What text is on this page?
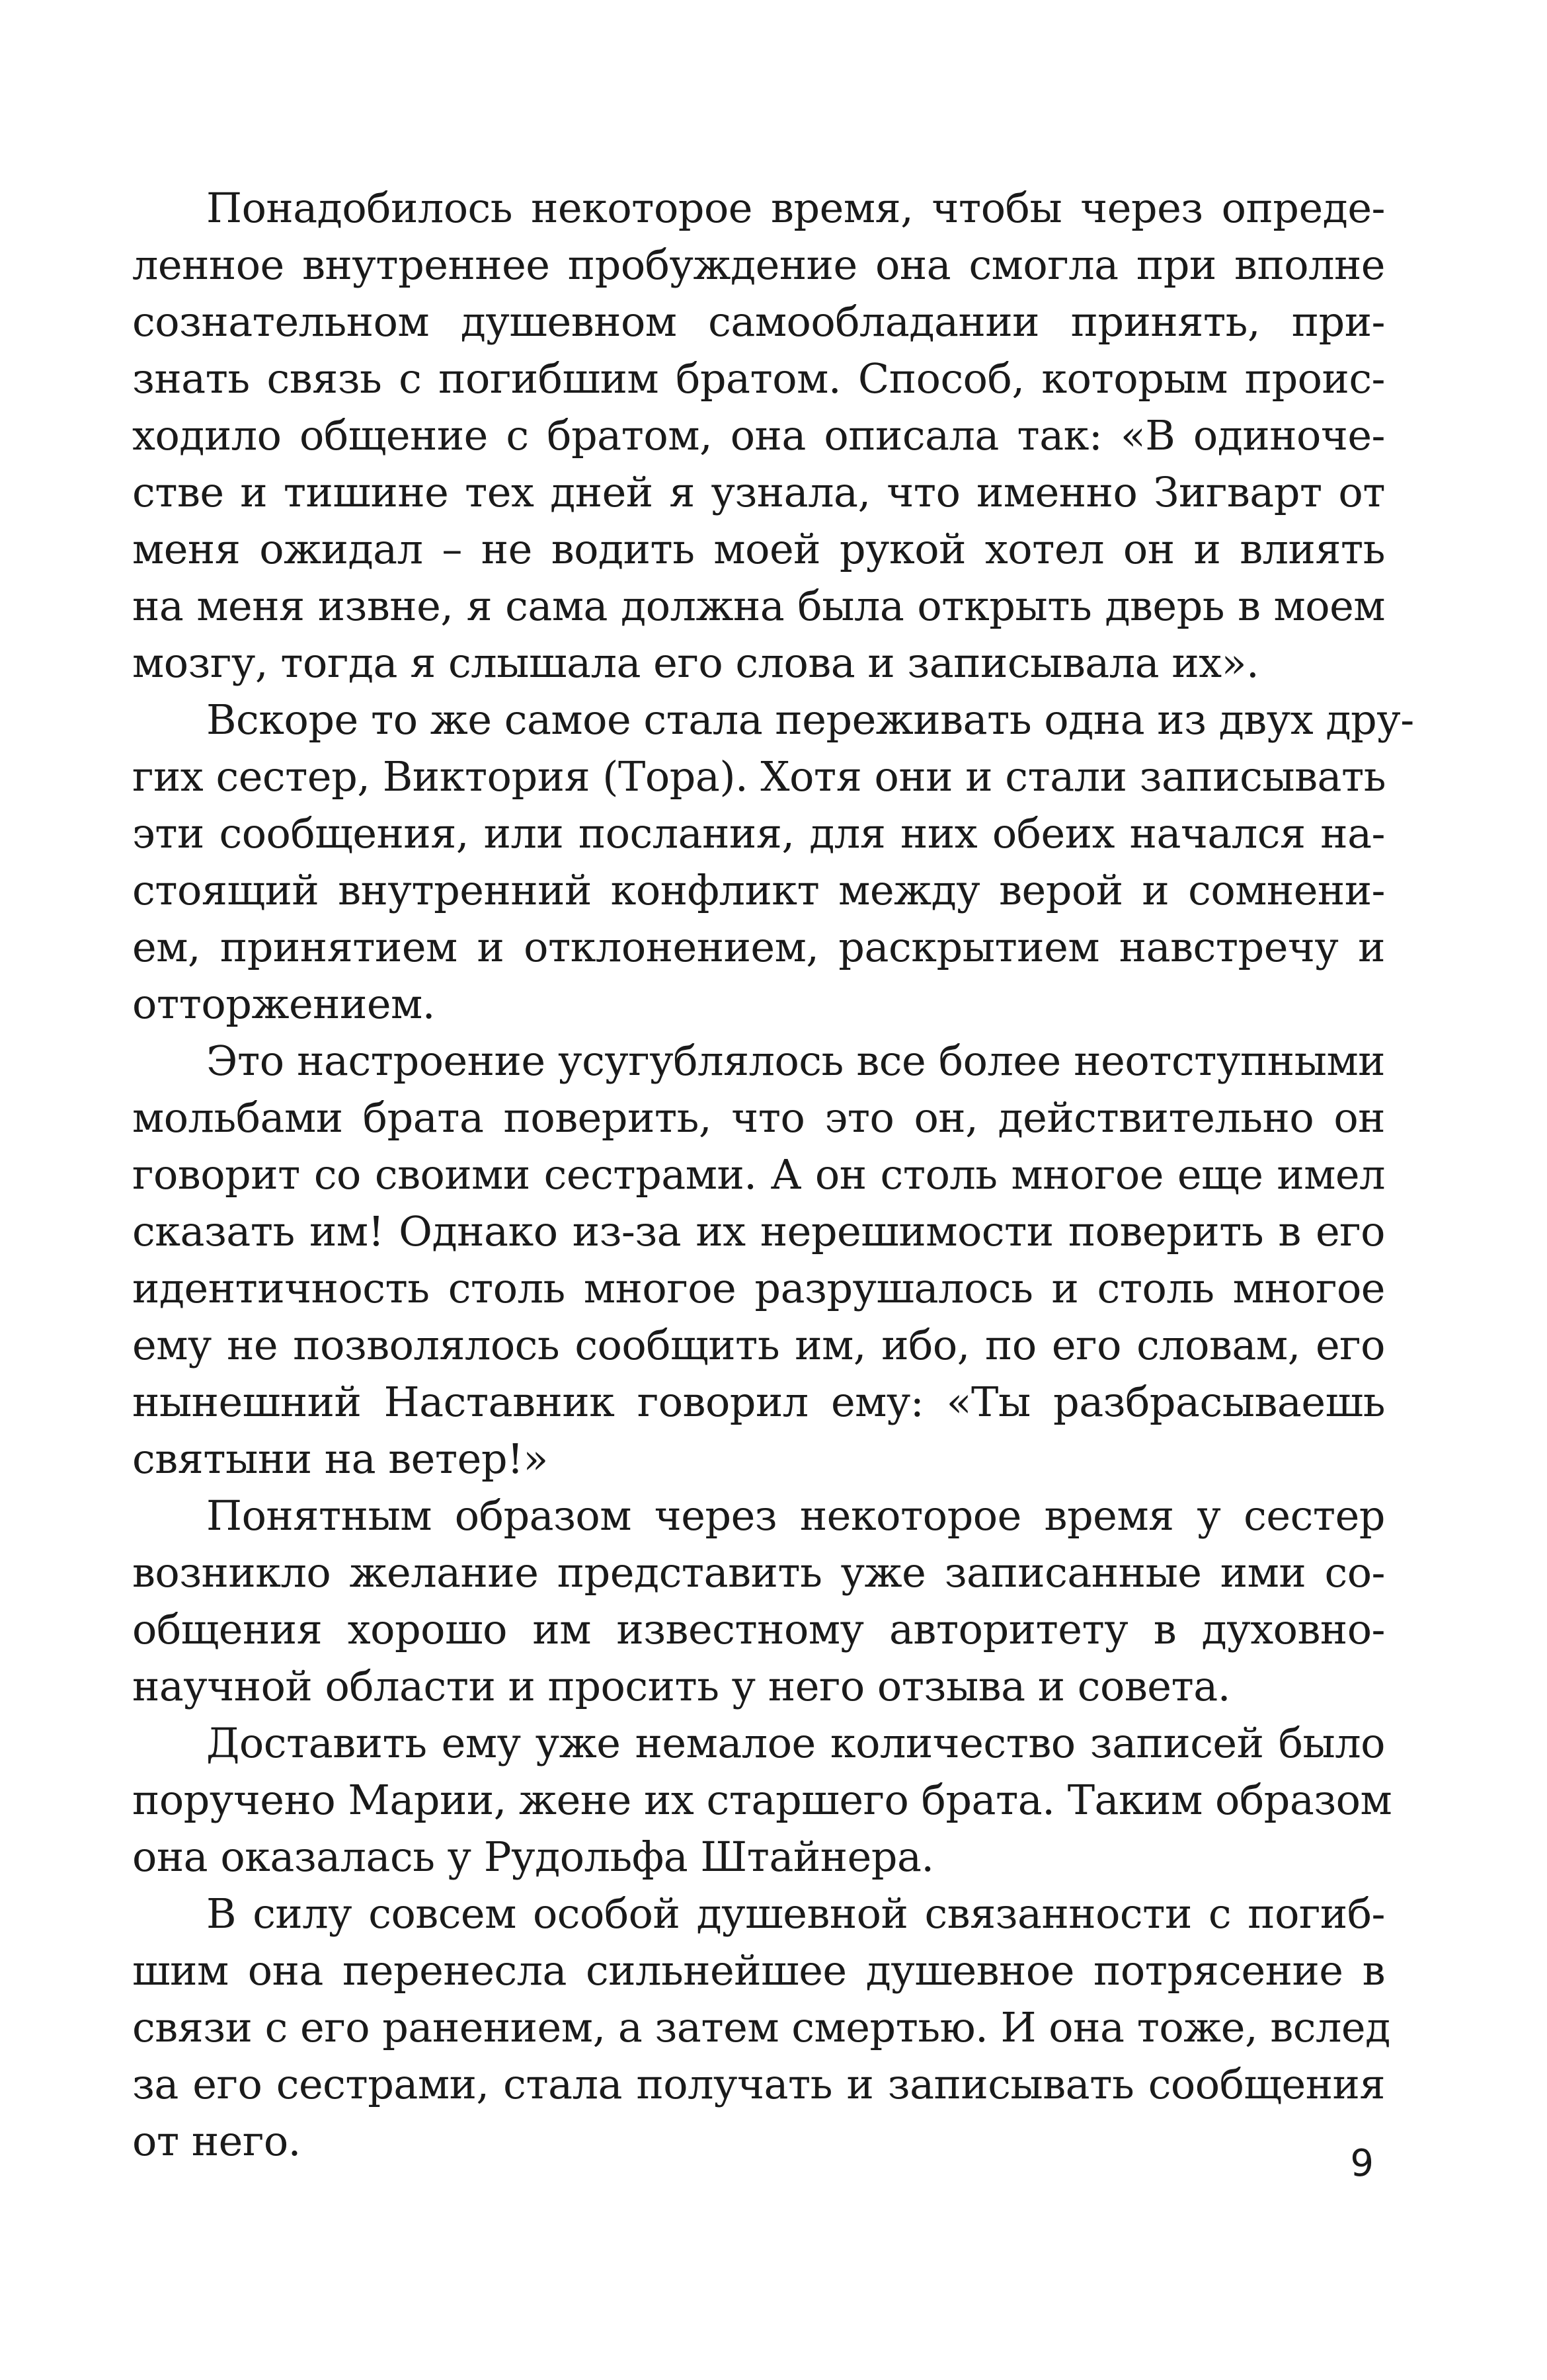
Понадобилось некоторое время, чтобы через опреде-
ленное внутреннее пробуждение она смогла при вполне
сознательном душевном самообладании принять, при-
знать связь с погибшим братом. Способ, которым проис-
ходило общение с братом, она описала так: «В одиноче-
стве и тишине тех дней я узнала, что именно Зигварт от
меня ожидал – не водить моей рукой хотел он и влиять
на меня извне, я сама должна была открыть дверь в моем
мозгу, тогда я слышала его слова и записывала их».

Вскоре то же самое стала переживать одна из двух дру-
гих сестер, Виктория (Тора). Хотя они и стали записывать
эти сообщения, или послания, для них обеих начался на-
стоящий внутренний конфликт между верой и сомнени-
ем, принятием и отклонением, раскрытием навстречу и
отторжением.

Это настроение усугублялось все более неотступными
мольбами брата поверить, что это он, действительно он
говорит со своими сестрами. А он столь многое еще имел
сказать им! Однако из-за их нерешимости поверить в его
идентичность столь многое разрушалось и столь многое
ему не позволялось сообщить им, ибо, по его словам, его
нынешний Наставник говорил ему: «Ты разбрасываешь
святыни на ветер!»

Понятным образом через некоторое время у сестер
возникло желание представить уже записанные ими со-
общения хорошо им известному авторитету в духовно-
научной области и просить у него отзыва и совета.

Доставить ему уже немалое количество записей было
поручено Марии, жене их старшего брата. Таким образом
она оказалась у Рудольфа Штайнера.

В силу совсем особой душевной связанности с погиб-
шим она перенесла сильнейшее душевное потрясение в
связи с его ранением, а затем смертью. И она тоже, вслед
за его сестрами, стала получать и записывать сообщения
от него.	9
